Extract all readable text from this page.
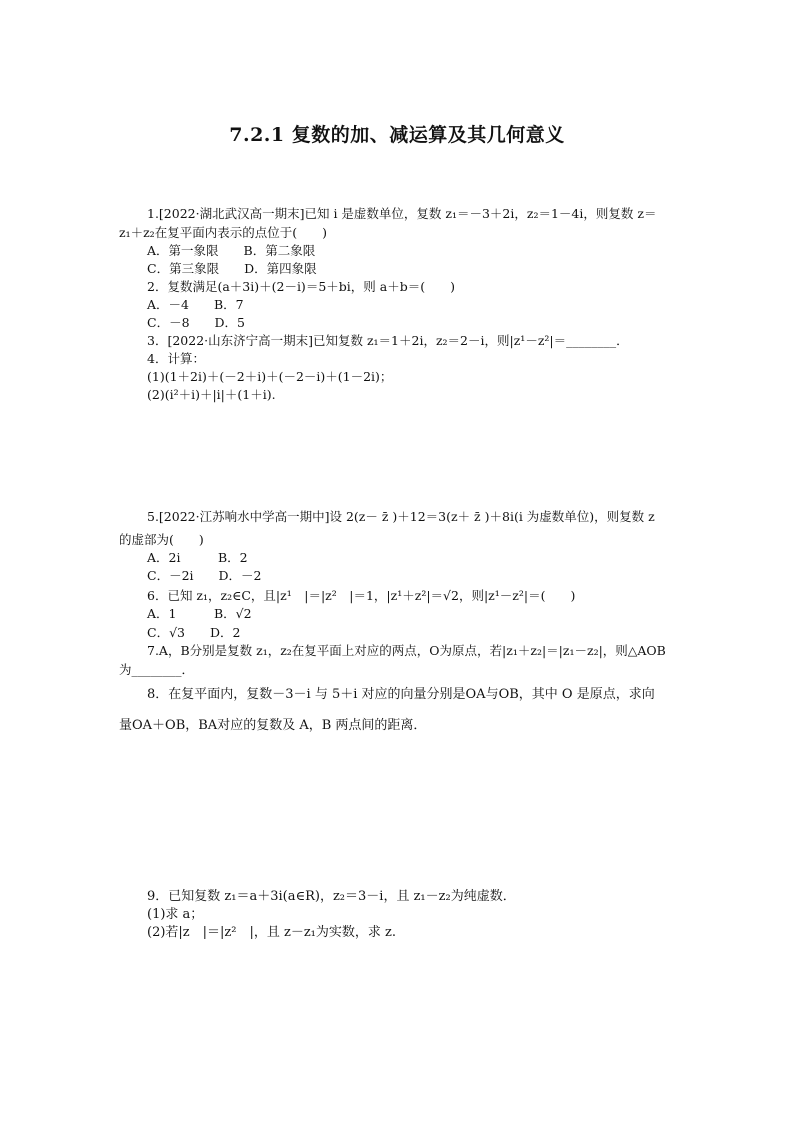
7.2.1 复数的加、减运算及其几何意义
1.[2022·湖北武汉高一期末]已知 i 是虚数单位，复数 z₁＝－3＋2i，z₂＝1－4i，则复数 z＝
z₁＋z₂在复平面内表示的点位于(　　)
A．第一象限　　B．第二象限
C．第三象限　　D．第四象限
2．复数满足(a＋3i)＋(2－i)＝5＋bi，则 a＋b＝(　　)
A．－4　　B．7
C．－8　　D．5
3．[2022·山东济宁高一期末]已知复数 z₁＝1＋2i，z₂＝2－i，则|z¹－z²|＝________．
4．计算：
(1)(1＋2i)＋(－2＋i)＋(－2－i)＋(1－2i)；
(2)(i²＋i)＋|i|＋(1＋i).
5.[2022·江苏响水中学高一期中]设 2(z－ z̄ )＋12＝3(z＋ z̄ )＋8i(i 为虚数单位)，则复数 z
的虚部为(　　)
A．2i　　　B．2
C．－2i　　D．－2
6．已知 z₁，z₂∈C，且|z¹　|＝|z²　|＝1，|z¹＋z²|＝√2，则|z¹－z²|＝(　　)
A．1　　　B．√2
C．√3　　D．2
7.A，B分别是复数 z₁，z₂在复平面上对应的两点，O为原点，若|z₁＋z₂|＝|z₁－z₂|，则△AOB
为________．
8．在复平面内，复数－3－i 与 5＋i 对应的向量分别是OA与OB，其中 O 是原点，求向
量OA＋OB，BA对应的复数及 A，B 两点间的距离．
9．已知复数 z₁＝a＋3i(a∈R)，z₂＝3－i，且 z₁－z₂为纯虚数．
(1)求 a；
(2)若|z　|＝|z²　|，且 z－z₁为实数，求 z.
